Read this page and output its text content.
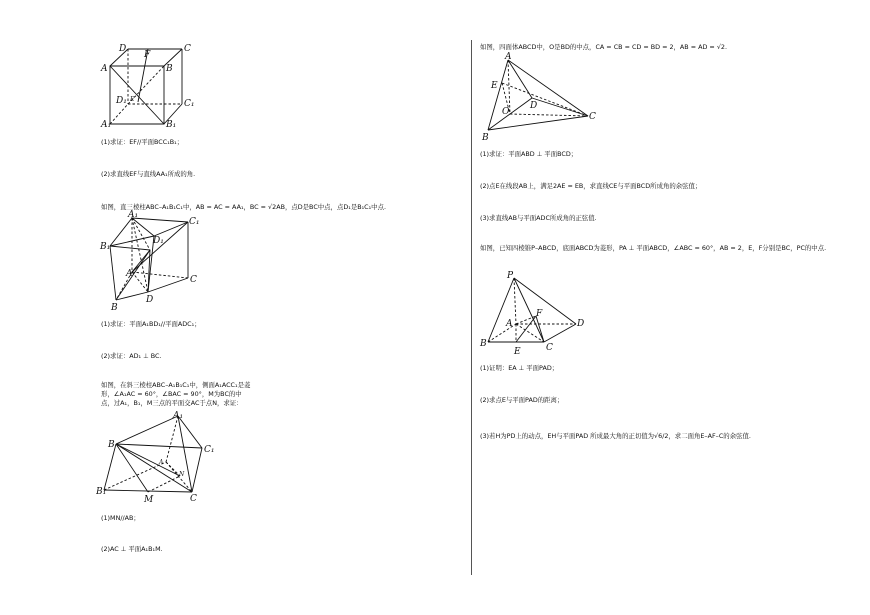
D
F
C
A	B
D₁ E	C₁
A₁	B₁
(1)求证：EF//平面BCC₁B₁；
(2)求直线EF与直线AA₁所成的角.
如图，直三棱柱ABC–A₁B₁C₁中，AB = AC = AA₁，BC = √2AB，点D是BC中点，点D₁是B₁C₁中点.
A₁
C₁
B₁
D₁
A
C
D
B
(1)求证：平面A₁BD₁//平面ADC₁；
(2)求证：AD₁ ⊥ BC.
如图，在斜三棱柱ABC–A₁B₁C₁中，侧面A₁ACC₁是菱形，∠A₁AC = 60°，∠BAC = 90°，M为BC的中点，过A₁，B₁，M三点的平面交AC于点N，求证：
A₁
B	C₁
A
N
B₁
M	C
(1)MN//AB；
(2)AC ⊥ 平面A₁B₁M.
如图，四面体ABCD中，O是BD的中点，CA = CB = CD = BD = 2，AB = AD = √2.
A
E
D
O	C
B
(1)求证：平面ABD ⊥ 平面BCD；
(2)点E在线段AB上，满足2AE = EB，求直线CE与平面BCD所成角的余弦值；
(3)求直线AB与平面ADC所成角的正弦值.
如图，已知四棱锥P–ABCD，底面ABCD为菱形，PA ⊥ 平面ABCD，∠ABC = 60°，AB = 2，E，F分别是BC，PC的中点.
P
F
D
A
B
E	C
(1)证明：EA ⊥ 平面PAD；
(2)求点E与平面PAD的距离；
(3)若H为PD上的动点，EH与平面PAD 所成最大角的正切值为√6/2，求二面角E–AF–C的余弦值.
